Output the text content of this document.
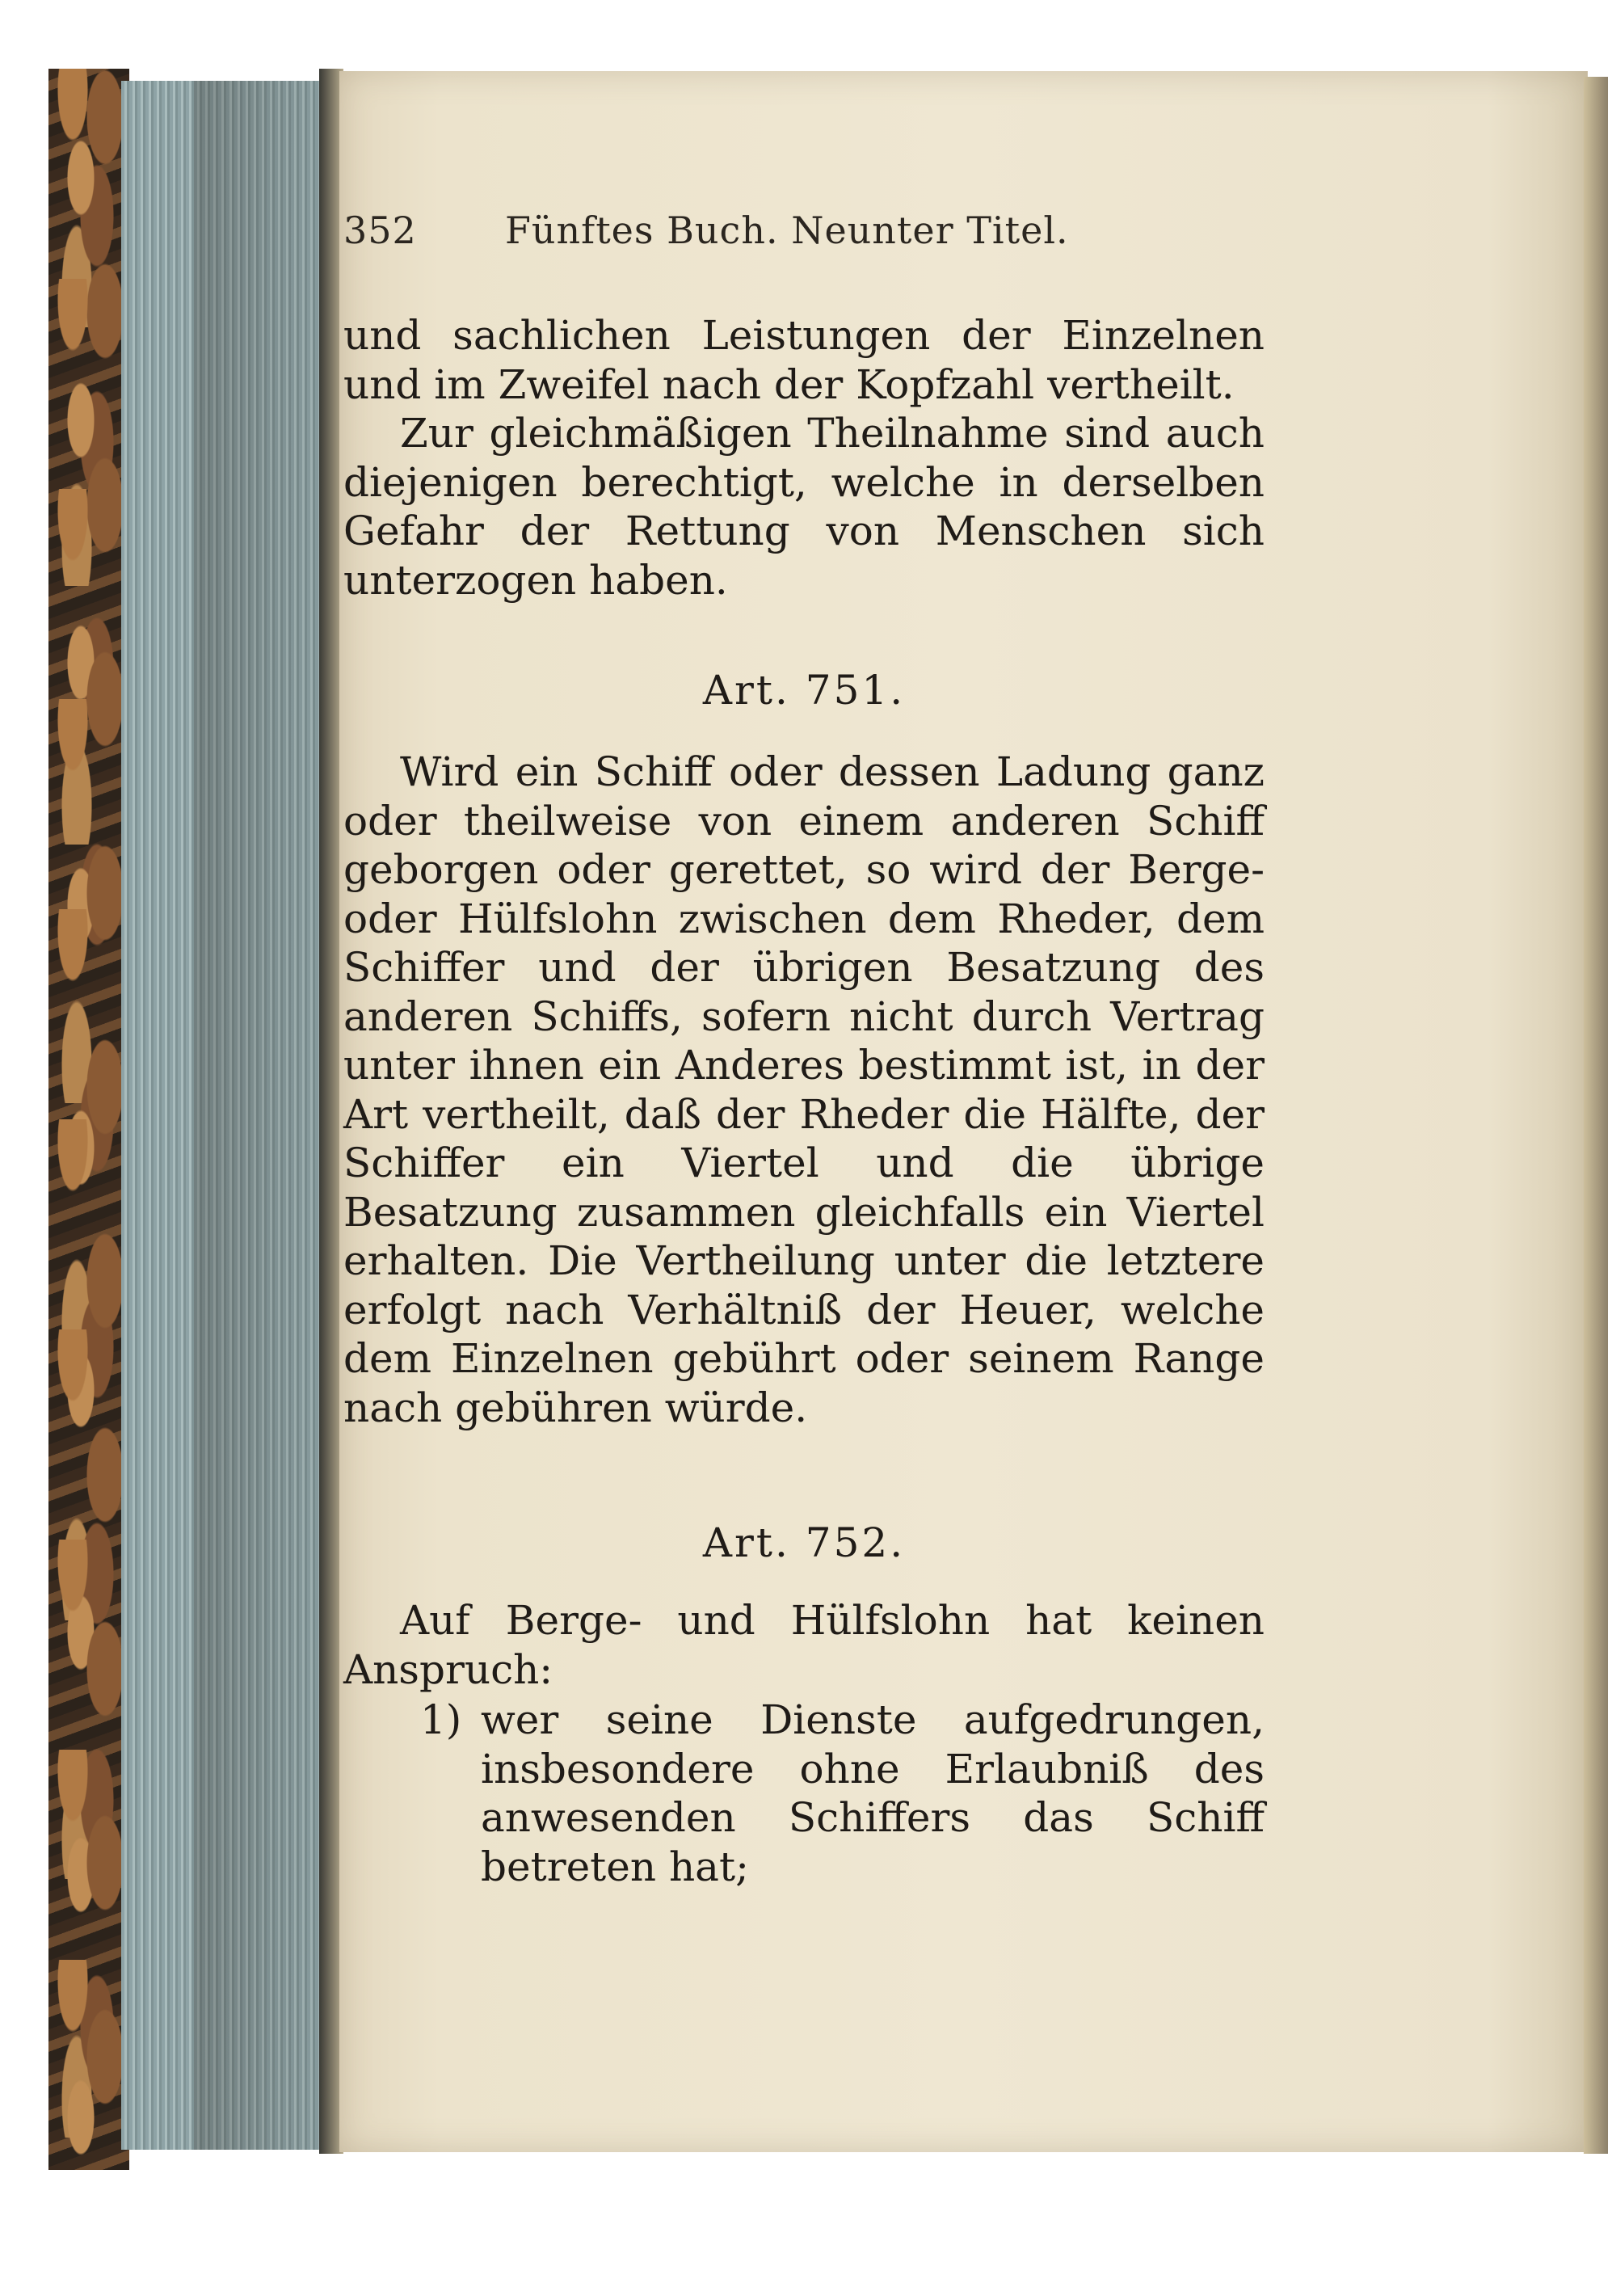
352 Fünftes Buch. Neunter Titel.
und sachlichen Leistungen der Einzelnen und im Zweifel nach der Kopfzahl vertheilt.
Zur gleichmäßigen Theilnahme sind auch diejenigen berechtigt, welche in derselben Gefahr der Rettung von Menschen sich unterzogen haben.
Art. 751.
Wird ein Schiff oder dessen Ladung ganz oder theilweise von einem anderen Schiff geborgen oder gerettet, so wird der Berge- oder Hülfslohn zwischen dem Rheder, dem Schiffer und der übrigen Besatzung des anderen Schiffs, sofern nicht durch Vertrag unter ihnen ein Anderes bestimmt ist, in der Art vertheilt, daß der Rheder die Hälfte, der Schiffer ein Viertel und die übrige Besatzung zusammen gleichfalls ein Viertel erhalten. Die Vertheilung unter die letztere erfolgt nach Verhältniß der Heuer, welche dem Einzelnen gebührt oder seinem Range nach gebühren würde.
Art. 752.
Auf Berge- und Hülfslohn hat keinen Anspruch:
1) wer seine Dienste aufgedrungen, insbesondere ohne Erlaubniß des anwesenden Schiffers das Schiff betreten hat;
